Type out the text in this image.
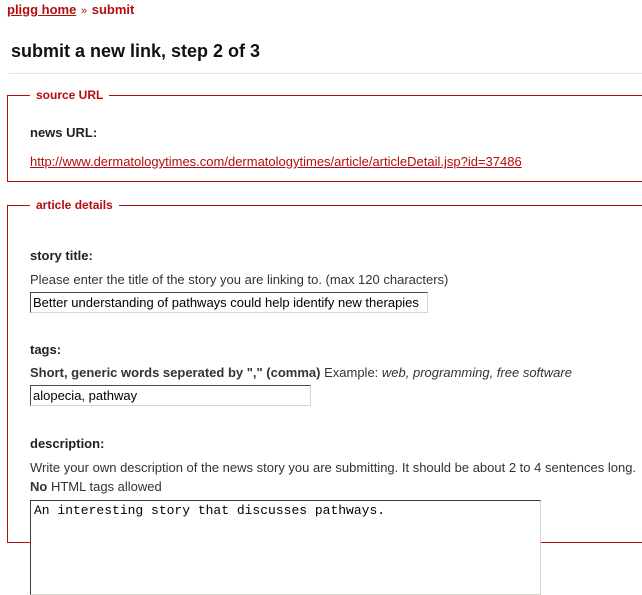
pligg home » submit
submit a new link, step 2 of 3
source URL
news URL:
http://www.dermatologytimes.com/dermatologytimes/article/articleDetail.jsp?id=37486
article details
story title:
Please enter the title of the story you are linking to. (max 120 characters)
Better understanding of pathways could help identify new therapies
tags:
Short, generic words seperated by "," (comma) Example: web, programming, free software
alopecia, pathway
description:
Write your own description of the news story you are submitting. It should be about 2 to 4 sentences long.
No HTML tags allowed
An interesting story that discusses pathways.
